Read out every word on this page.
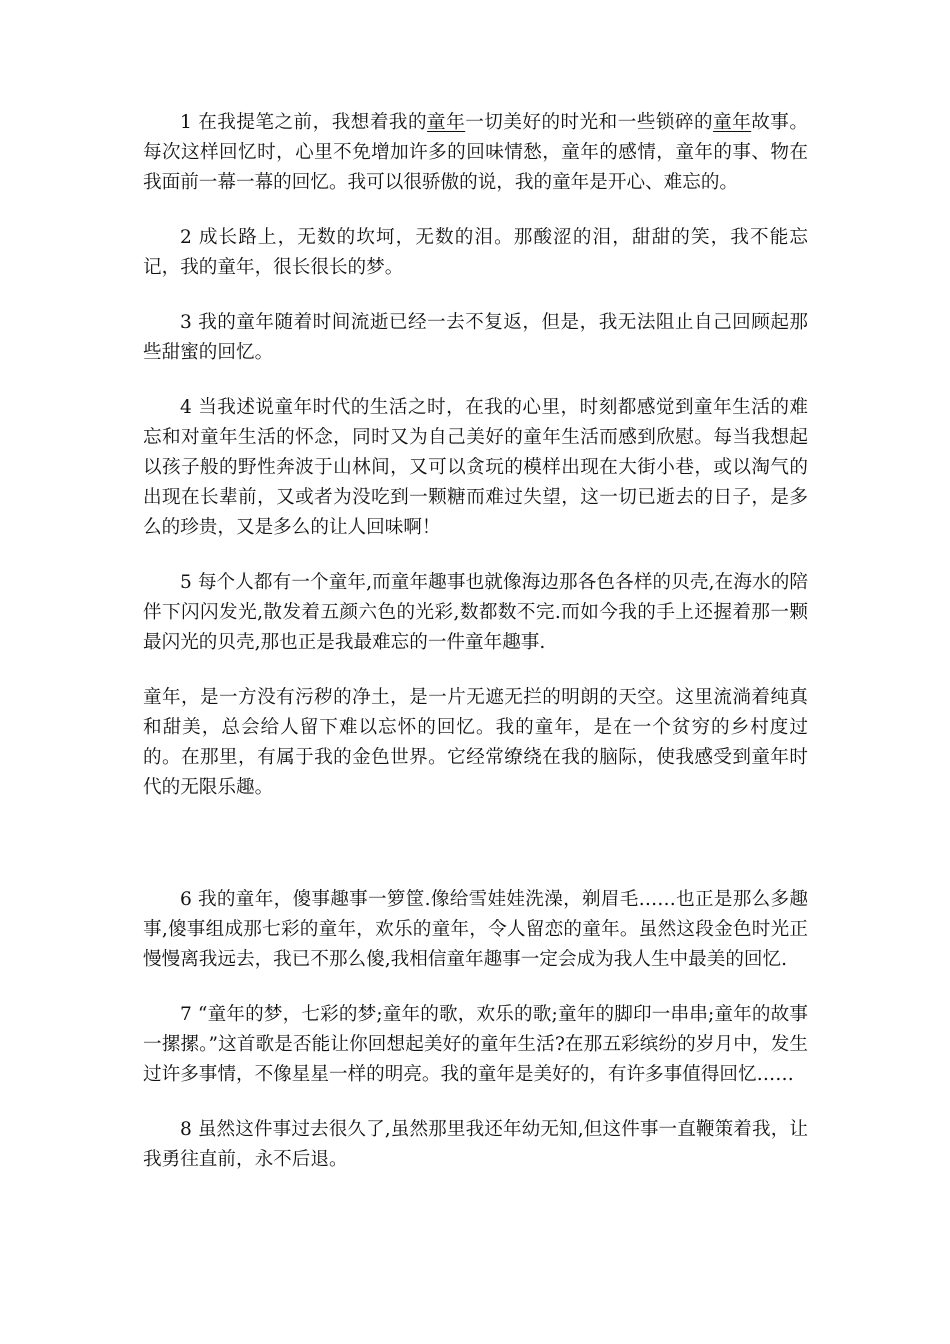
1 在我提笔之前，我想着我的童年一切美好的时光和一些锁碎的童年故事。每次这样回忆时，心里不免增加许多的回味情愁，童年的感情，童年的事、物在我面前一幕一幕的回忆。我可以很骄傲的说，我的童年是开心、难忘的。

2 成长路上，无数的坎坷，无数的泪。那酸涩的泪，甜甜的笑，我不能忘记，我的童年，很长很长的梦。

3 我的童年随着时间流逝已经一去不复返，但是，我无法阻止自己回顾起那些甜蜜的回忆。

4 当我述说童年时代的生活之时，在我的心里，时刻都感觉到童年生活的难忘和对童年生活的怀念，同时又为自己美好的童年生活而感到欣慰。每当我想起以孩子般的野性奔波于山林间，又可以贪玩的模样出现在大街小巷，或以淘气的出现在长辈前，又或者为没吃到一颗糖而难过失望，这一切已逝去的日子，是多么的珍贵，又是多么的让人回味啊！

5 每个人都有一个童年,而童年趣事也就像海边那各色各样的贝壳,在海水的陪伴下闪闪发光,散发着五颜六色的光彩,数都数不完.而如今我的手上还握着那一颗最闪光的贝壳,那也正是我最难忘的一件童年趣事.

童年，是一方没有污秽的净土，是一片无遮无拦的明朗的天空。这里流淌着纯真和甜美，总会给人留下难以忘怀的回忆。我的童年，是在一个贫穷的乡村度过的。在那里，有属于我的金色世界。它经常缭绕在我的脑际，使我感受到童年时代的无限乐趣。

6 我的童年，傻事趣事一箩筐.像给雪娃娃洗澡，剃眉毛……也正是那么多趣事,傻事组成那七彩的童年，欢乐的童年，令人留恋的童年。虽然这段金色时光正慢慢离我远去，我已不那么傻,我相信童年趣事一定会成为我人生中最美的回忆.

7 “童年的梦，七彩的梦;童年的歌，欢乐的歌;童年的脚印一串串;童年的故事一摞摞。”这首歌是否能让你回想起美好的童年生活?在那五彩缤纷的岁月中，发生过许多事情，不像星星一样的明亮。我的童年是美好的，有许多事值得回忆……

8 虽然这件事过去很久了,虽然那里我还年幼无知,但这件事一直鞭策着我，让我勇往直前，永不后退。
